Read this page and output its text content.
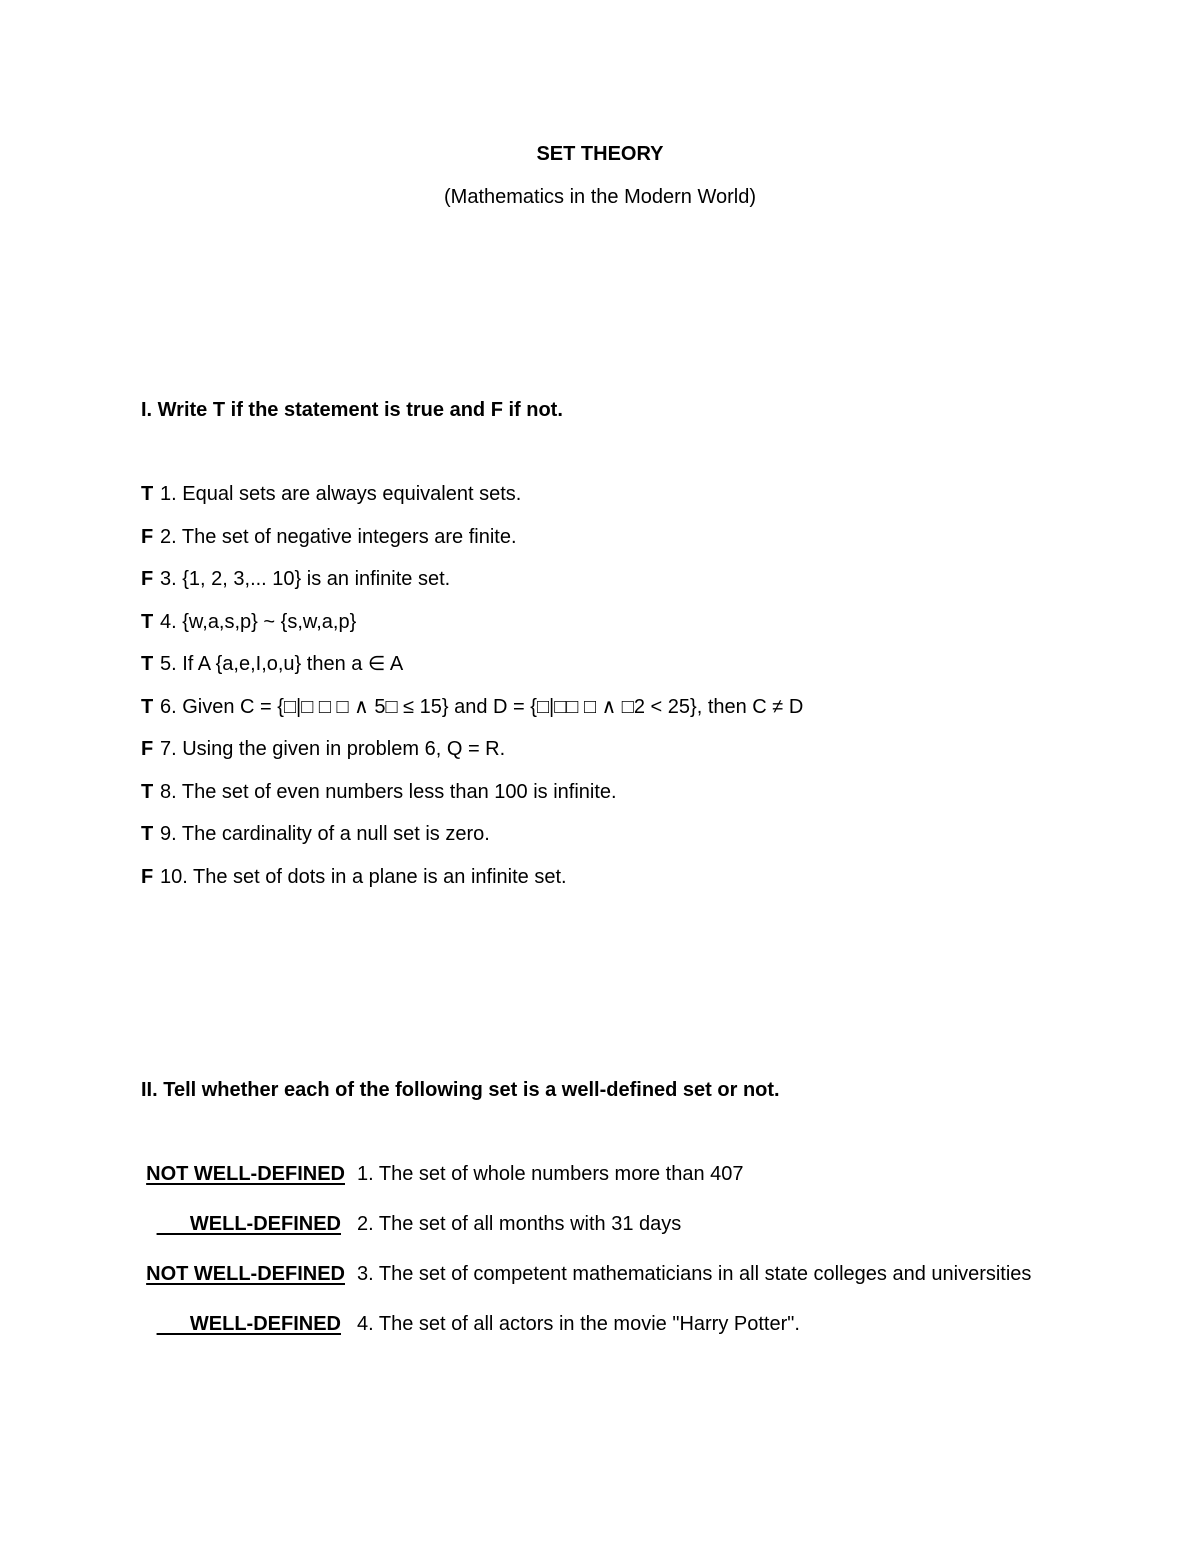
SET THEORY
(Mathematics in the Modern World)
I. Write T if the statement is true and F if not.
T 1. Equal sets are always equivalent sets.
F 2. The set of negative integers are finite.
F 3. {1, 2, 3,... 10} is an infinite set.
T 4. {w,a,s,p} ~ {s,w,a,p}
T 5. If A {a,e,I,o,u} then a ∈ A
T 6. Given C = {□|□ □ □ ∧ 5□ ≤ 15} and D = {□|□□ □ ∧ □2 < 25}, then C ≠ D
F 7. Using the given in problem 6, Q = R.
T 8. The set of even numbers less than 100 is infinite.
T 9. The cardinality of a null set is zero.
F 10. The set of dots in a plane is an infinite set.
II. Tell whether each of the following set is a well-defined set or not.
NOT WELL-DEFINED 1. The set of whole numbers more than 407
WELL-DEFINED 2. The set of all months with 31 days
NOT WELL-DEFINED 3. The set of competent mathematicians in all state colleges and universities
WELL-DEFINED 4. The set of all actors in the movie "Harry Potter".
